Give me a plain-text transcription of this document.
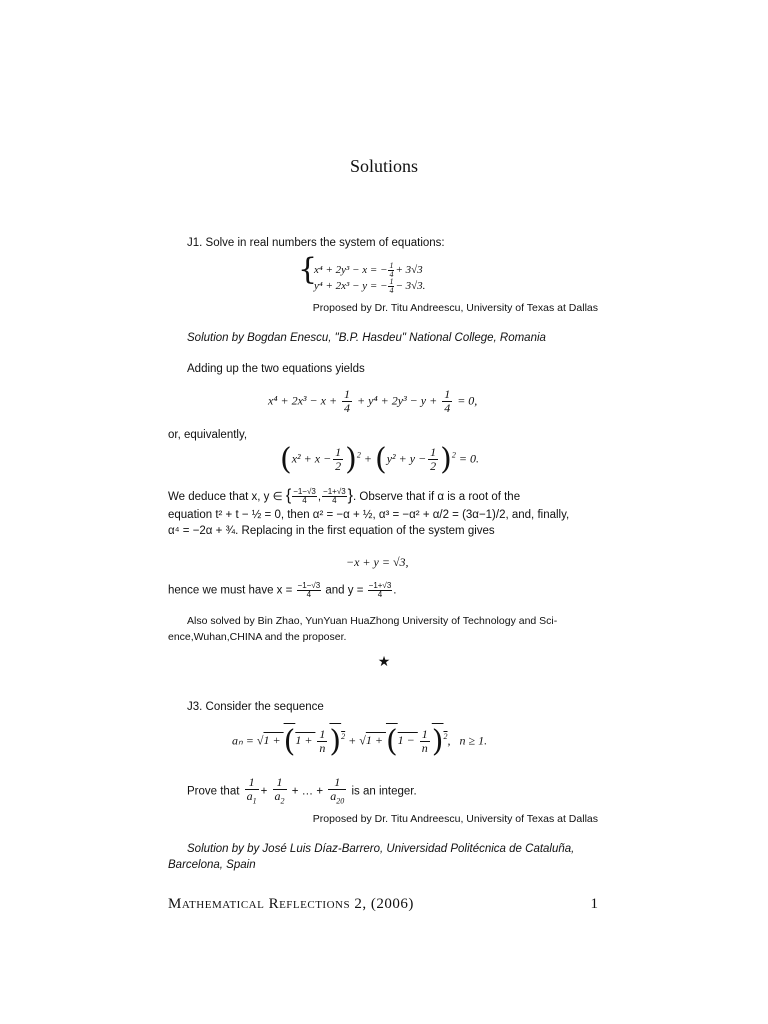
Solutions
J1. Solve in real numbers the system of equations:
{
x⁴ + 2y³ − x = − $\frac{1}{4} + 3√3$
y⁴ + 2x³ − y = − $\frac{1}{4} - 3√3$.
Proposed by Dr. Titu Andreescu, University of Texas at Dallas
Solution by Bogdan Enescu, "B.P. Hasdeu" National College, Romania
Adding up the two equations yields
$x^4 + 2x^3 - x + \frac{1}{4} + y^4 + 2y^3 - y + \frac{1}{4} = 0$,
or, equivalently,
$(x^2 + x - \frac{1}{2} )^2 + (y^2 + y - \frac{1}{2} )^2 = 0$.
We deduce that x, y ∈ { $\frac{-1-√3}{4}$ , $\frac{-1+√3}{4}$ }. Observe that if α is a root of the
equation t² + t − ½ = 0, then α² = −α + ½, α³ = −α² + α/2 = (3α−1)/2, and, finally,
α⁴ = −2α + ¾. Replacing in the first equation of the system gives
−x + y = √3,
hence we must have $x = \frac{-1-√3}{4}$ and $y = \frac{-1+√3}{4}$ .
Also solved by Bin Zhao, YunYuan HuaZhong University of Technology and Sci-
ence,Wuhan,CHINA and the proposer.
★
J3. Consider the sequence
$a_n = √1 + (1 + \frac{1}{n} )^2 + √1 + (1 - \frac{1}{n} )^2$,   n ≥ 1.
Prove that $\frac{1}{a_1} + \frac{1}{a_2}$ + … + $\frac{1}{a_{20}}$ is an integer.
Proposed by Dr. Titu Andreescu, University of Texas at Dallas
Solution by by José Luis Díaz-Barrero, Universidad Politécnica de Cataluña,
Barcelona, Spain
Mathematical Reflections 2, (2006)	1
